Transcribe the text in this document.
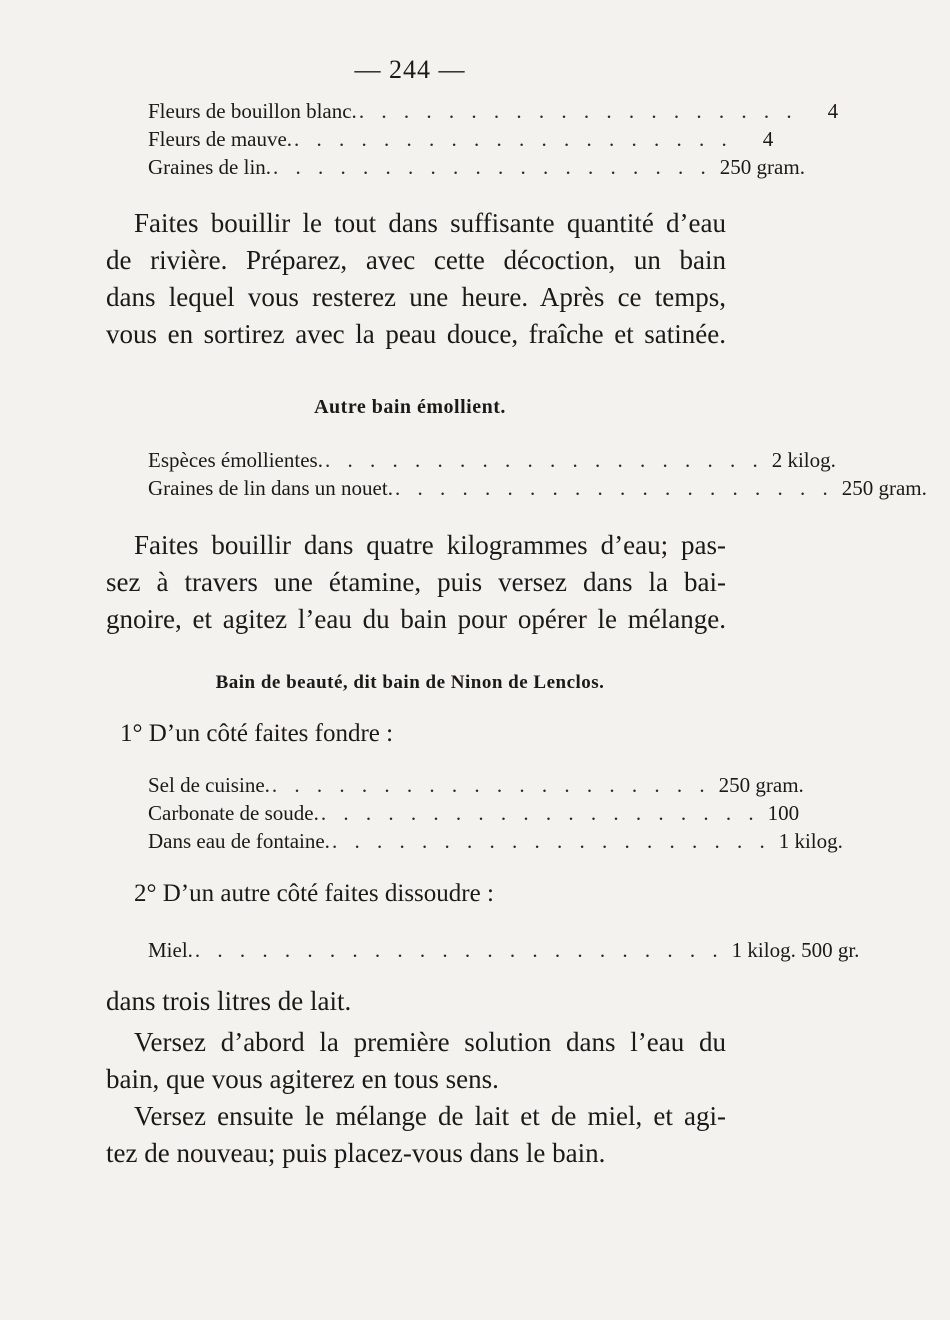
— 244 —
Fleurs de bouillon blanc. . . . . . . . . . . . . . . . . . . . .	4
Fleurs de mauve. . . . . . . . . . . . . . . . . . . . .	4
Graines de lin. . . . . . . . . . . . . . . . . . . . . 250 gram.
Faites bouillir le tout dans suffisante quantité d’eau
de rivière. Préparez, avec cette décoction, un bain
dans lequel vous resterez une heure. Après ce temps,
vous en sortirez avec la peau douce, fraîche et satinée.
Autre bain émollient.
Espèces émollientes. . . . . . . . . . . . . . . . . . . . . 2 kilog.
Graines de lin dans un nouet. . . . . . . . . . . . . . . . . . . . . 250 gram.
Faites bouillir dans quatre kilogrammes d’eau; pas-
sez à travers une étamine, puis versez dans la bai-
gnoire, et agitez l’eau du bain pour opérer le mélange.
Bain de beauté, dit bain de Ninon de Lenclos.
1° D’un côté faites fondre :
Sel de cuisine. . . . . . . . . . . . . . . . . . . . . 250 gram.
Carbonate de soude. . . . . . . . . . . . . . . . . . . . . 100
Dans eau de fontaine. . . . . . . . . . . . . . . . . . . . . 1 kilog.
2° D’un autre côté faites dissoudre :
Miel. . . . . . . . . . . . . . . . . . . . . . . . . 1 kilog. 500 gr.
dans trois litres de lait.
Versez d’abord la première solution dans l’eau du
bain, que vous agiterez en tous sens.
Versez ensuite le mélange de lait et de miel, et agi-
tez de nouveau; puis placez-vous dans le bain.
